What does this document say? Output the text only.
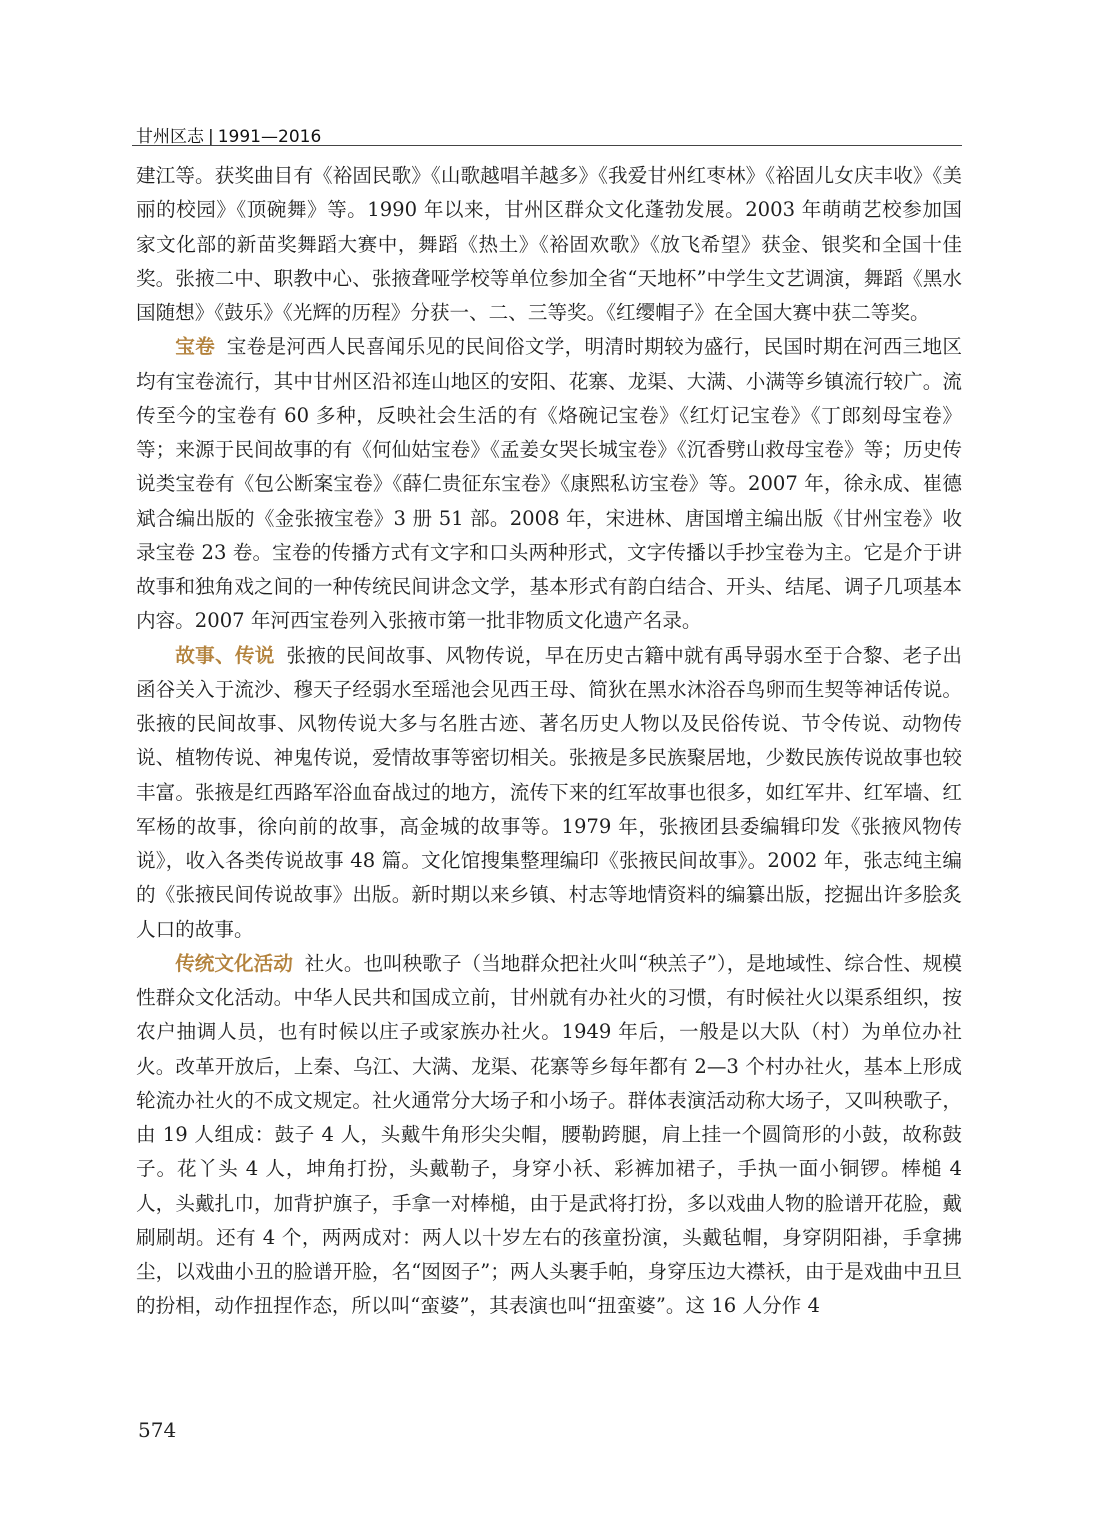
甘州区志 | 1991—2016

建江等。获奖曲目有《裕固民歌》《山歌越唱羊越多》《我爱甘州红枣林》《裕固儿女庆丰收》《美丽的校园》《顶碗舞》等。1990 年以来，甘州区群众文化蓬勃发展。2003 年萌萌艺校参加国家文化部的新苗奖舞蹈大赛中，舞蹈《热土》《裕固欢歌》《放飞希望》获金、银奖和全国十佳奖。张掖二中、职教中心、张掖聋哑学校等单位参加全省“天地杯”中学生文艺调演，舞蹈《黑水国随想》《鼓乐》《光辉的历程》分获一、二、三等奖。《红缨帽子》在全国大赛中获二等奖。

宝卷 宝卷是河西人民喜闻乐见的民间俗文学，明清时期较为盛行，民国时期在河西三地区均有宝卷流行，其中甘州区沿祁连山地区的安阳、花寨、龙渠、大满、小满等乡镇流行较广。流传至今的宝卷有 60 多种，反映社会生活的有《烙碗记宝卷》《红灯记宝卷》《丁郎刻母宝卷》等；来源于民间故事的有《何仙姑宝卷》《孟姜女哭长城宝卷》《沉香劈山救母宝卷》等；历史传说类宝卷有《包公断案宝卷》《薛仁贵征东宝卷》《康熙私访宝卷》等。2007 年，徐永成、崔德斌合编出版的《金张掖宝卷》3 册 51 部。2008 年，宋进林、唐国增主编出版《甘州宝卷》收录宝卷 23 卷。宝卷的传播方式有文字和口头两种形式，文字传播以手抄宝卷为主。它是介于讲故事和独角戏之间的一种传统民间讲念文学，基本形式有韵白结合、开头、结尾、调子几项基本内容。2007 年河西宝卷列入张掖市第一批非物质文化遗产名录。

故事、传说 张掖的民间故事、风物传说，早在历史古籍中就有禹导弱水至于合黎、老子出函谷关入于流沙、穆天子经弱水至瑶池会见西王母、简狄在黑水沐浴吞鸟卵而生契等神话传说。张掖的民间故事、风物传说大多与名胜古迹、著名历史人物以及民俗传说、节令传说、动物传说、植物传说、神鬼传说，爱情故事等密切相关。张掖是多民族聚居地，少数民族传说故事也较丰富。张掖是红西路军浴血奋战过的地方，流传下来的红军故事也很多，如红军井、红军墙、红军杨的故事，徐向前的故事，高金城的故事等。1979 年，张掖团县委编辑印发《张掖风物传说》，收入各类传说故事 48 篇。文化馆搜集整理编印《张掖民间故事》。2002 年，张志纯主编的《张掖民间传说故事》出版。新时期以来乡镇、村志等地情资料的编纂出版，挖掘出许多脍炙人口的故事。

传统文化活动 社火。也叫秧歌子（当地群众把社火叫“秧羔子”），是地域性、综合性、规模性群众文化活动。中华人民共和国成立前，甘州就有办社火的习惯，有时候社火以渠系组织，按农户抽调人员，也有时候以庄子或家族办社火。1949 年后，一般是以大队（村）为单位办社火。改革开放后，上秦、乌江、大满、龙渠、花寨等乡每年都有 2—3 个村办社火，基本上形成轮流办社火的不成文规定。社火通常分大场子和小场子。群体表演活动称大场子，又叫秧歌子，由 19 人组成：鼓子 4 人，头戴牛角形尖尖帽，腰勒跨腿，肩上挂一个圆筒形的小鼓，故称鼓子。花丫头 4 人，坤角打扮，头戴勒子，身穿小袄、彩裤加裙子，手执一面小铜锣。棒槌 4 人，头戴扎巾，加背护旗子，手拿一对棒槌，由于是武将打扮，多以戏曲人物的脸谱开花脸，戴刷刷胡。还有 4 个，两两成对：两人以十岁左右的孩童扮演，头戴毡帽，身穿阴阳褂，手拿拂尘，以戏曲小丑的脸谱开脸，名“囡囡子”；两人头裹手帕，身穿压边大襟袄，由于是戏曲中丑旦的扮相，动作扭捏作态，所以叫“蛮婆”，其表演也叫“扭蛮婆”。这 16 人分作 4

574
